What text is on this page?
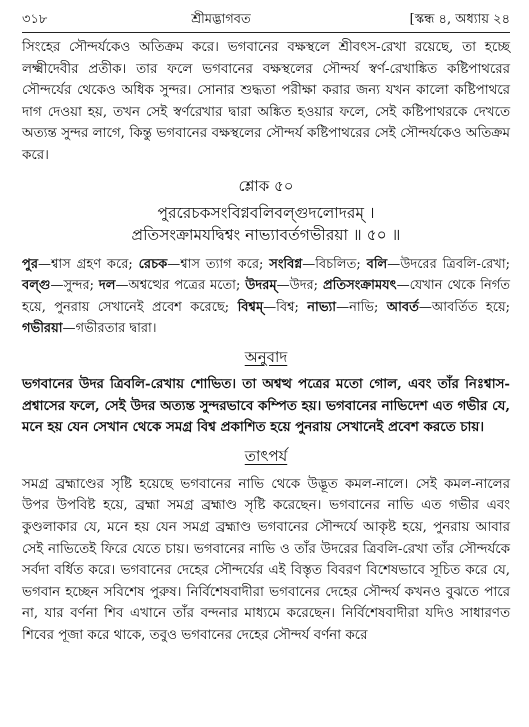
৩১৮	শ্রীমদ্ভাগবত	[স্কন্ধ ৪, অধ্যায় ২৪

সিংহের সৌন্দর্যকেও অতিক্রম করে। ভগবানের বক্ষস্থলে শ্রীবৎস-রেখা রয়েছে, তা হচ্ছে লক্ষ্মীদেবীর প্রতীক। তার ফলে ভগবানের বক্ষস্থলের সৌন্দর্য স্বর্ণ-রেখাঙ্কিত কষ্টিপাথরের সৌন্দর্যের থেকেও অধিক সুন্দর। সোনার শুদ্ধতা পরীক্ষা করার জন্য যখন কালো কষ্টিপাথরে দাগ দেওয়া হয়, তখন সেই স্বর্ণরেখার দ্বারা অঙ্কিত হওয়ার ফলে, সেই কষ্টিপাথরকে দেখতে অত্যন্ত সুন্দর লাগে, কিন্তু ভগবানের বক্ষস্থলের সৌন্দর্য কষ্টিপাথরের সেই সৌন্দর্যকেও অতিক্রম করে।

শ্লোক ৫০
পুররেচকসংবিগ্নবলিবল্গুদলোদরম্ ।
প্রতিসংক্রামযদ্বিশ্বং নাভ্যাবর্তগভীরয়া ॥ ৫০ ॥

পুর—শ্বাস গ্রহণ করে; রেচক—শ্বাস ত্যাগ করে; সংবিগ্ন—বিচলিত; বলি—উদরের ত্রিবলি-রেখা; বল্গু—সুন্দর; দল—অশ্বত্থের পত্রের মতো; উদরম্—উদর; প্রতিসংক্রামযৎ—যেখান থেকে নির্গত হয়ে, পুনরায় সেখানেই প্রবেশ করেছে; বিশ্বম্—বিশ্ব; নাভ্যা—নাভি; আবর্ত—আবর্তিত হয়ে; গভীরয়া—গভীরতার দ্বারা।

অনুবাদ

ভগবানের উদর ত্রিবলি-রেখায় শোভিত। তা অশ্বত্থ পত্রের মতো গোল, এবং তাঁর নিঃশ্বাস-প্রশ্বাসের ফলে, সেই উদর অত্যন্ত সুন্দরভাবে কম্পিত হয়। ভগবানের নাভিদেশ এত গভীর যে, মনে হয় যেন সেখান থেকে সমগ্র বিশ্ব প্রকাশিত হয়ে পুনরায় সেখানেই প্রবেশ করতে চায়।

তাৎপর্য

সমগ্র ব্রহ্মাণ্ডের সৃষ্টি হয়েছে ভগবানের নাভি থেকে উদ্ভূত কমল-নালে। সেই কমল-নালের উপর উপবিষ্ট হয়ে, ব্রহ্মা সমগ্র ব্রহ্মাণ্ড সৃষ্টি করেছেন। ভগবানের নাভি এত গভীর এবং কুণ্ডলাকার যে, মনে হয় যেন সমগ্র ব্রহ্মাণ্ড ভগবানের সৌন্দর্যে আকৃষ্ট হয়ে, পুনরায় আবার সেই নাভিতেই ফিরে যেতে চায়। ভগবানের নাভি ও তাঁর উদরের ত্রিবলি-রেখা তাঁর সৌন্দর্যকে সর্বদা বর্ধিত করে। ভগবানের দেহের সৌন্দর্যের এই বিস্তৃত বিবরণ বিশেষভাবে সূচিত করে যে, ভগবান হচ্ছেন সবিশেষ পুরুষ। নির্বিশেষবাদীরা ভগবানের দেহের সৌন্দর্য কখনও বুঝতে পারে না, যার বর্ণনা শিব এখানে তাঁর বন্দনার মাধ্যমে করেছেন। নির্বিশেষবাদীরা যদিও সাধারণত শিবের পূজা করে থাকে, তবুও ভগবানের দেহের সৌন্দর্য বর্ণনা করে
